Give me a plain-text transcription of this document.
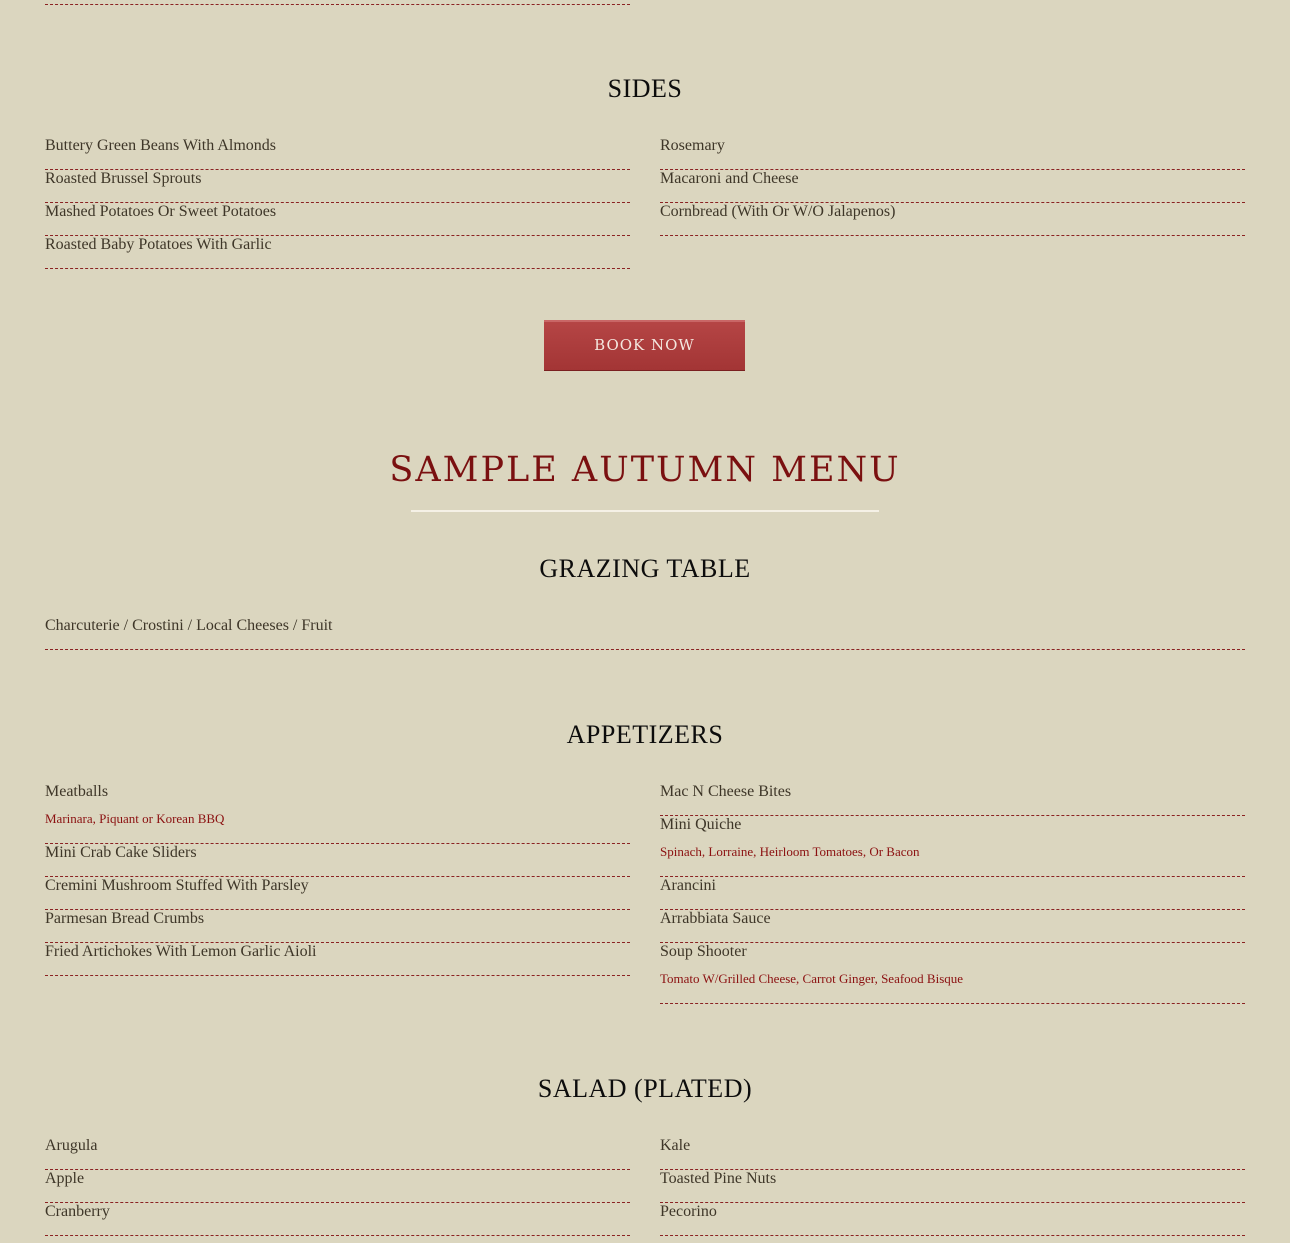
SIDES
Buttery Green Beans With Almonds
Roasted Brussel Sprouts
Mashed Potatoes Or Sweet Potatoes
Roasted Baby Potatoes With Garlic
Rosemary
Macaroni and Cheese
Cornbread (With Or W/O Jalapenos)
BOOK NOW
SAMPLE AUTUMN MENU
GRAZING TABLE
Charcuterie / Crostini / Local Cheeses / Fruit
APPETIZERS
Meatballs
Marinara, Piquant or Korean BBQ
Mini Crab Cake Sliders
Cremini Mushroom Stuffed With Parsley
Parmesan Bread Crumbs
Fried Artichokes With Lemon Garlic Aioli
Mac N Cheese Bites
Mini Quiche
Spinach, Lorraine, Heirloom Tomatoes, Or Bacon
Arancini
Arrabbiata Sauce
Soup Shooter
Tomato W/Grilled Cheese, Carrot Ginger, Seafood Bisque
SALAD (PLATED)
Arugula
Apple
Cranberry
Kale
Toasted Pine Nuts
Pecorino
